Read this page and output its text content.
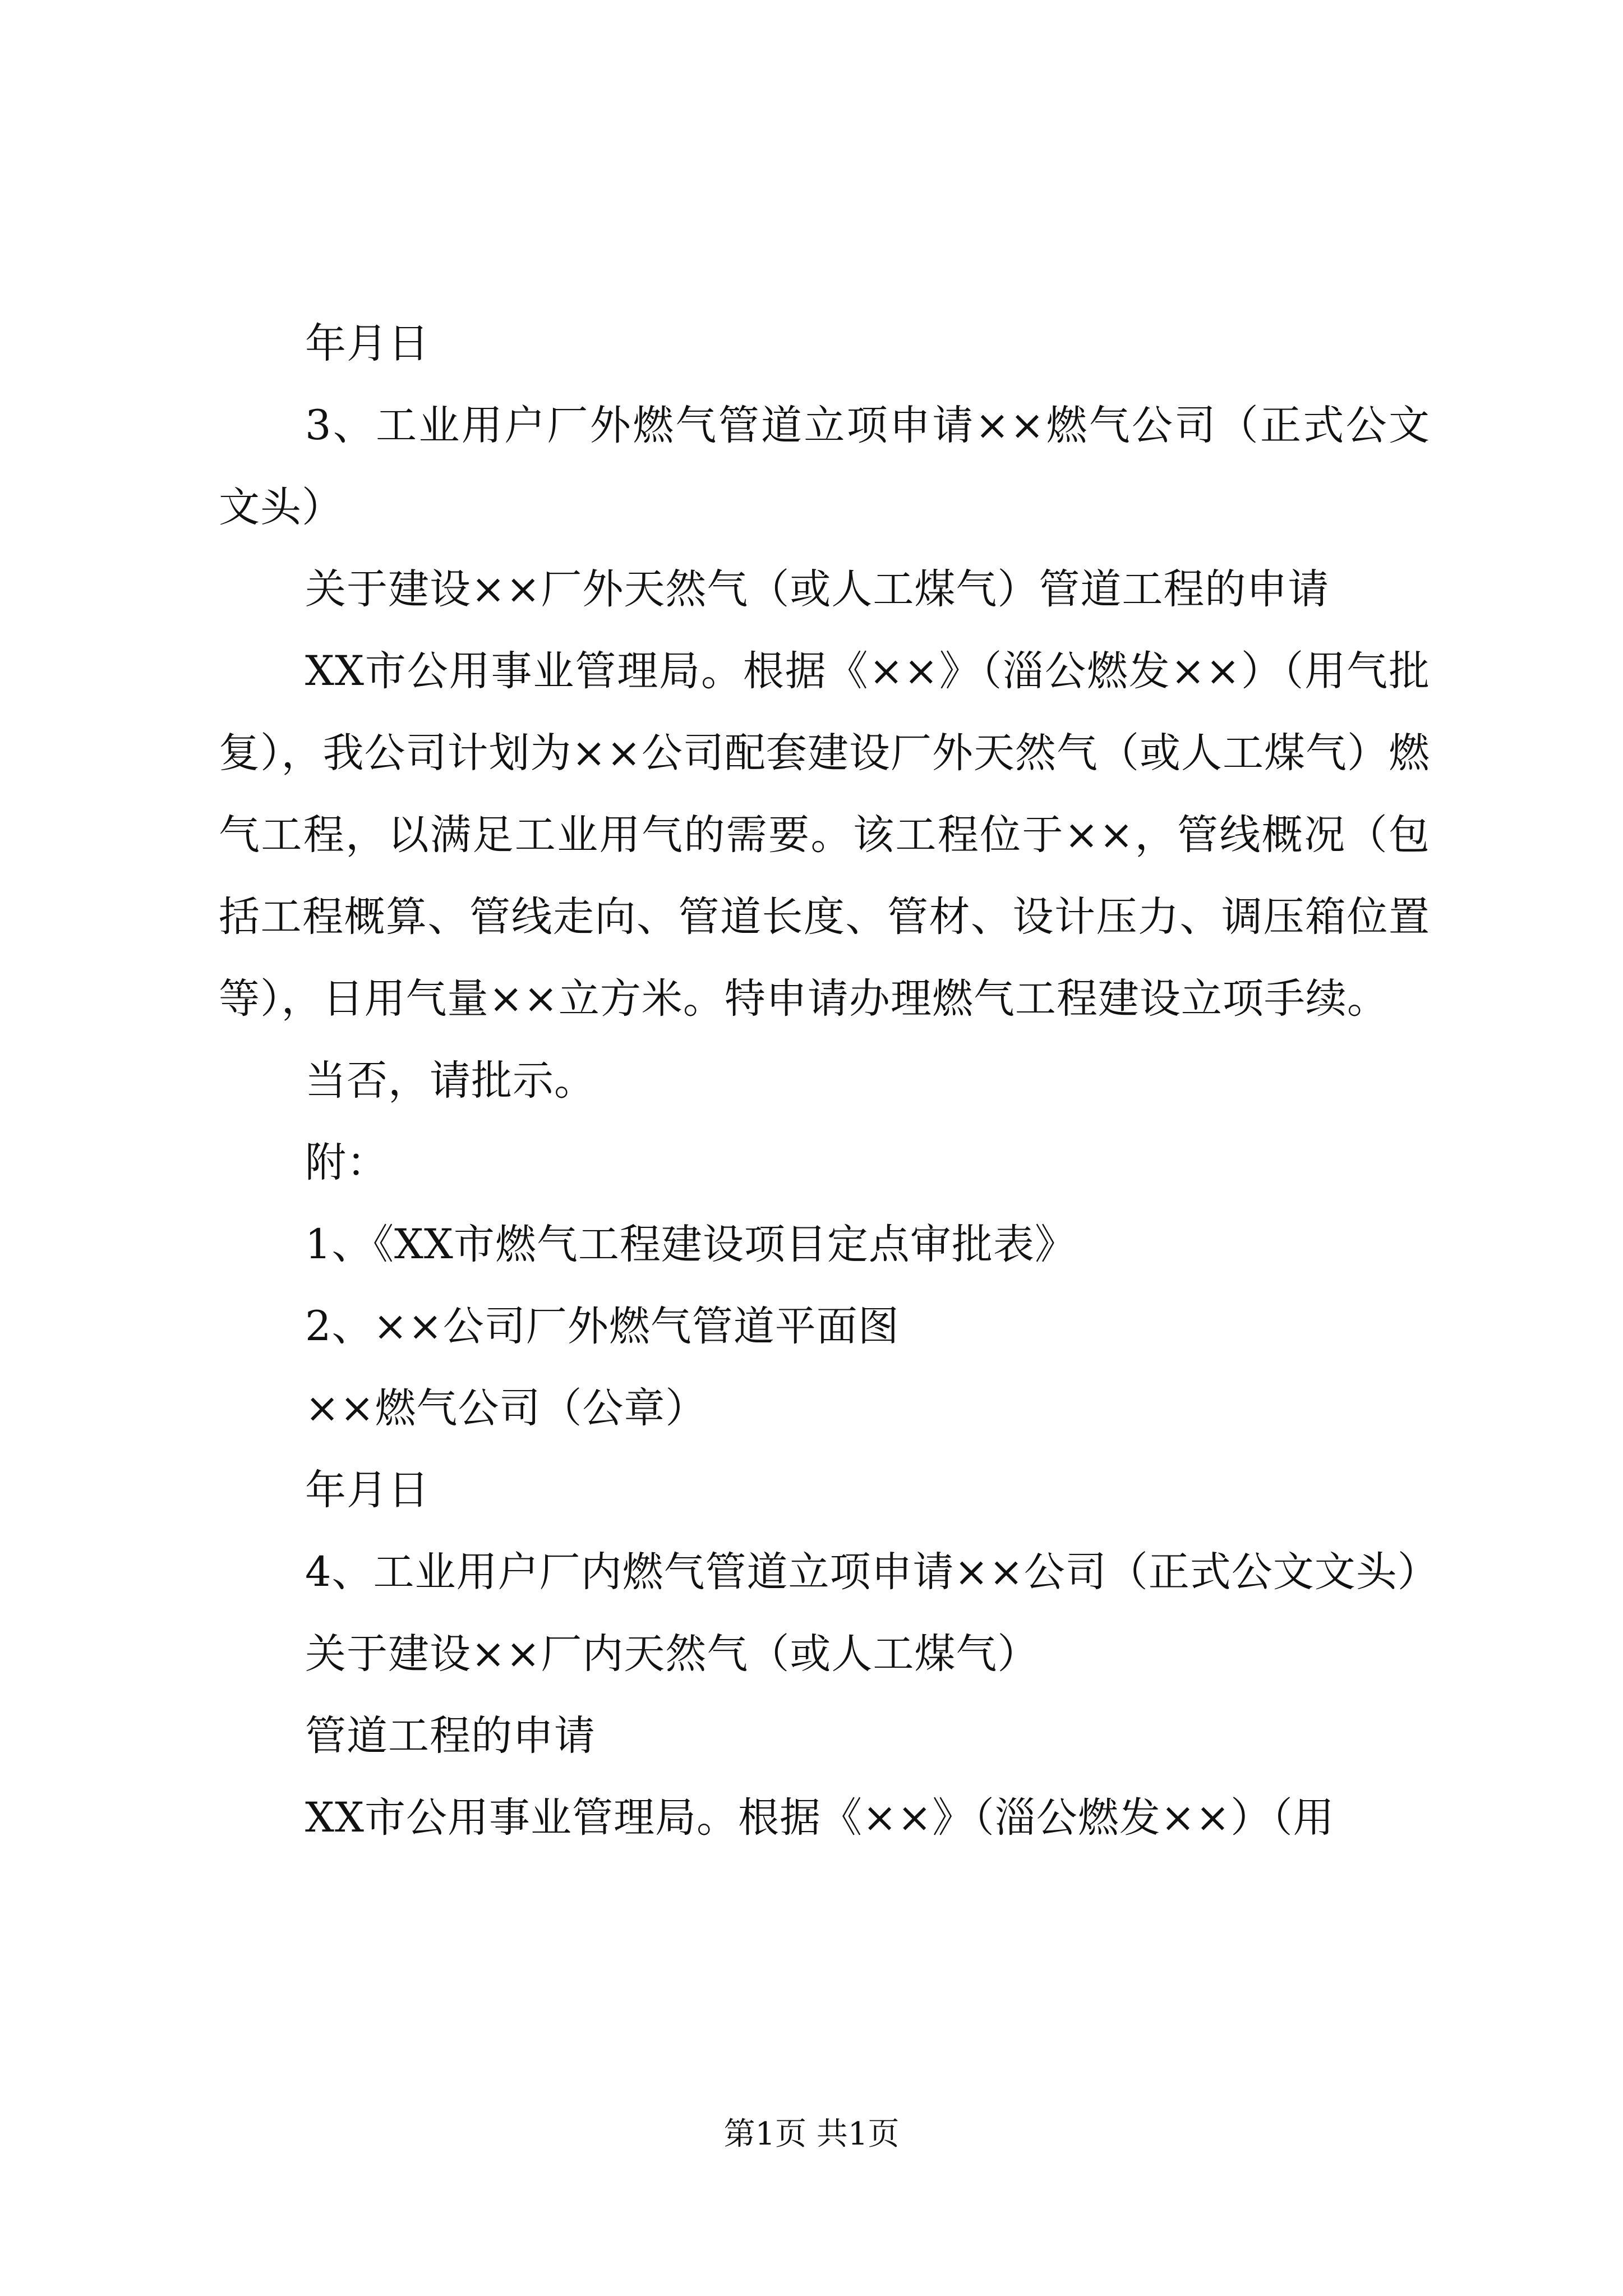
年月日

3、工业用户厂外燃气管道立项申请××燃气公司（正式公文文头）

关于建设××厂外天然气（或人工煤气）管道工程的申请

XX市公用事业管理局。根据《××》（淄公燃发××）（用气批复），我公司计划为××公司配套建设厂外天然气（或人工煤气）燃气工程，以满足工业用气的需要。该工程位于××，管线概况（包括工程概算、管线走向、管道长度、管材、设计压力、调压箱位置等），日用气量××立方米。特申请办理燃气工程建设立项手续。

当否，请批示。

附：

1、《XX市燃气工程建设项目定点审批表》

2、××公司厂外燃气管道平面图

××燃气公司（公章）

年月日

4、工业用户厂内燃气管道立项申请××公司（正式公文文头）

关于建设××厂内天然气（或人工煤气）

管道工程的申请

XX市公用事业管理局。根据《××》（淄公燃发××）（用

第1页 共1页
